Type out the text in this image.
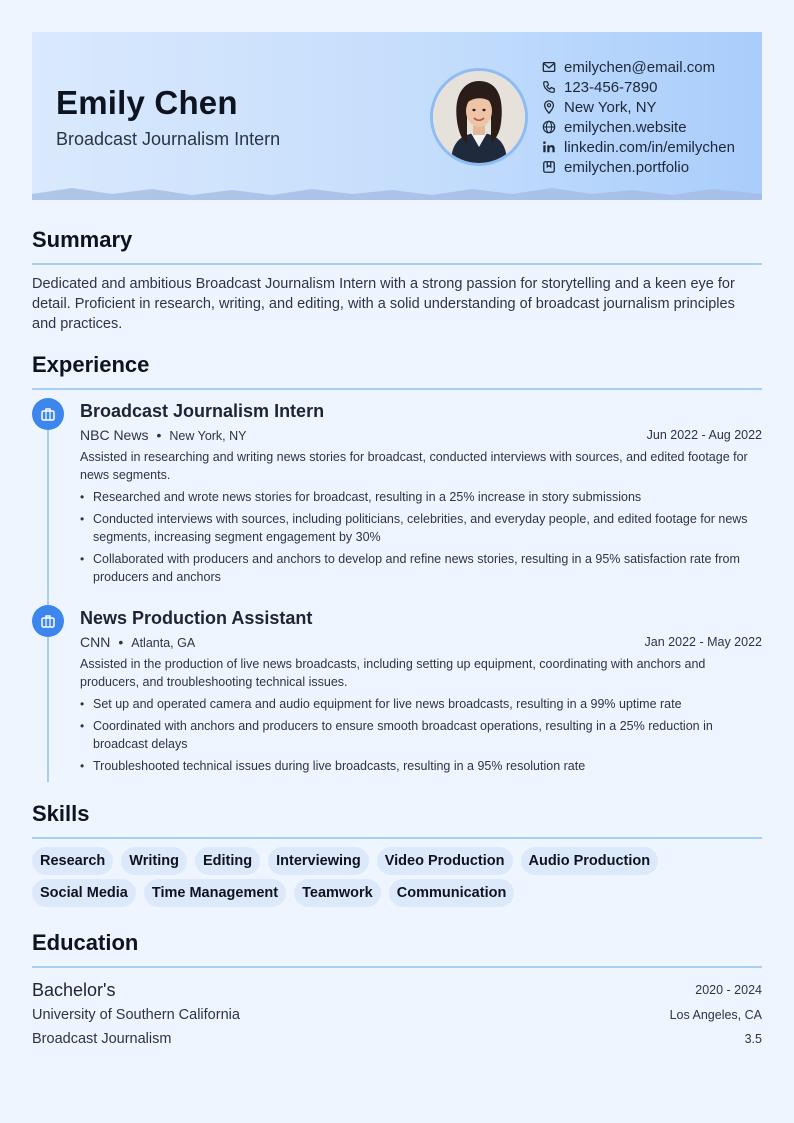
Emily Chen
Broadcast Journalism Intern
emilychen@email.com
123-456-7890
New York, NY
emilychen.website
linkedin.com/in/emilychen
emilychen.portfolio
Summary

Dedicated and ambitious Broadcast Journalism Intern with a strong passion for storytelling and a keen eye for detail. Proficient in research, writing, and editing, with a solid understanding of broadcast journalism principles and practices.

Experience
Broadcast Journalism Intern
NBC News • New York, NY	Jun 2022 - Aug 2022

Assisted in researching and writing news stories for broadcast, conducted interviews with sources, and edited footage for news segments.

• Researched and wrote news stories for broadcast, resulting in a 25% increase in story submissions
• Conducted interviews with sources, including politicians, celebrities, and everyday people, and edited footage for news segments, increasing segment engagement by 30%
• Collaborated with producers and anchors to develop and refine news stories, resulting in a 95% satisfaction rate from producers and anchors
News Production Assistant
CNN • Atlanta, GA	Jan 2022 - May 2022

Assisted in the production of live news broadcasts, including setting up equipment, coordinating with anchors and producers, and troubleshooting technical issues.

• Set up and operated camera and audio equipment for live news broadcasts, resulting in a 99% uptime rate
• Coordinated with anchors and producers to ensure smooth broadcast operations, resulting in a 25% reduction in broadcast delays
• Troubleshooted technical issues during live broadcasts, resulting in a 95% resolution rate
Skills
Research	Writing	Editing	Interviewing	Video Production	Audio Production
Social Media	Time Management	Teamwork	Communication
Education
Bachelor's	2020 - 2024
University of Southern California	Los Angeles, CA
Broadcast Journalism	3.5
